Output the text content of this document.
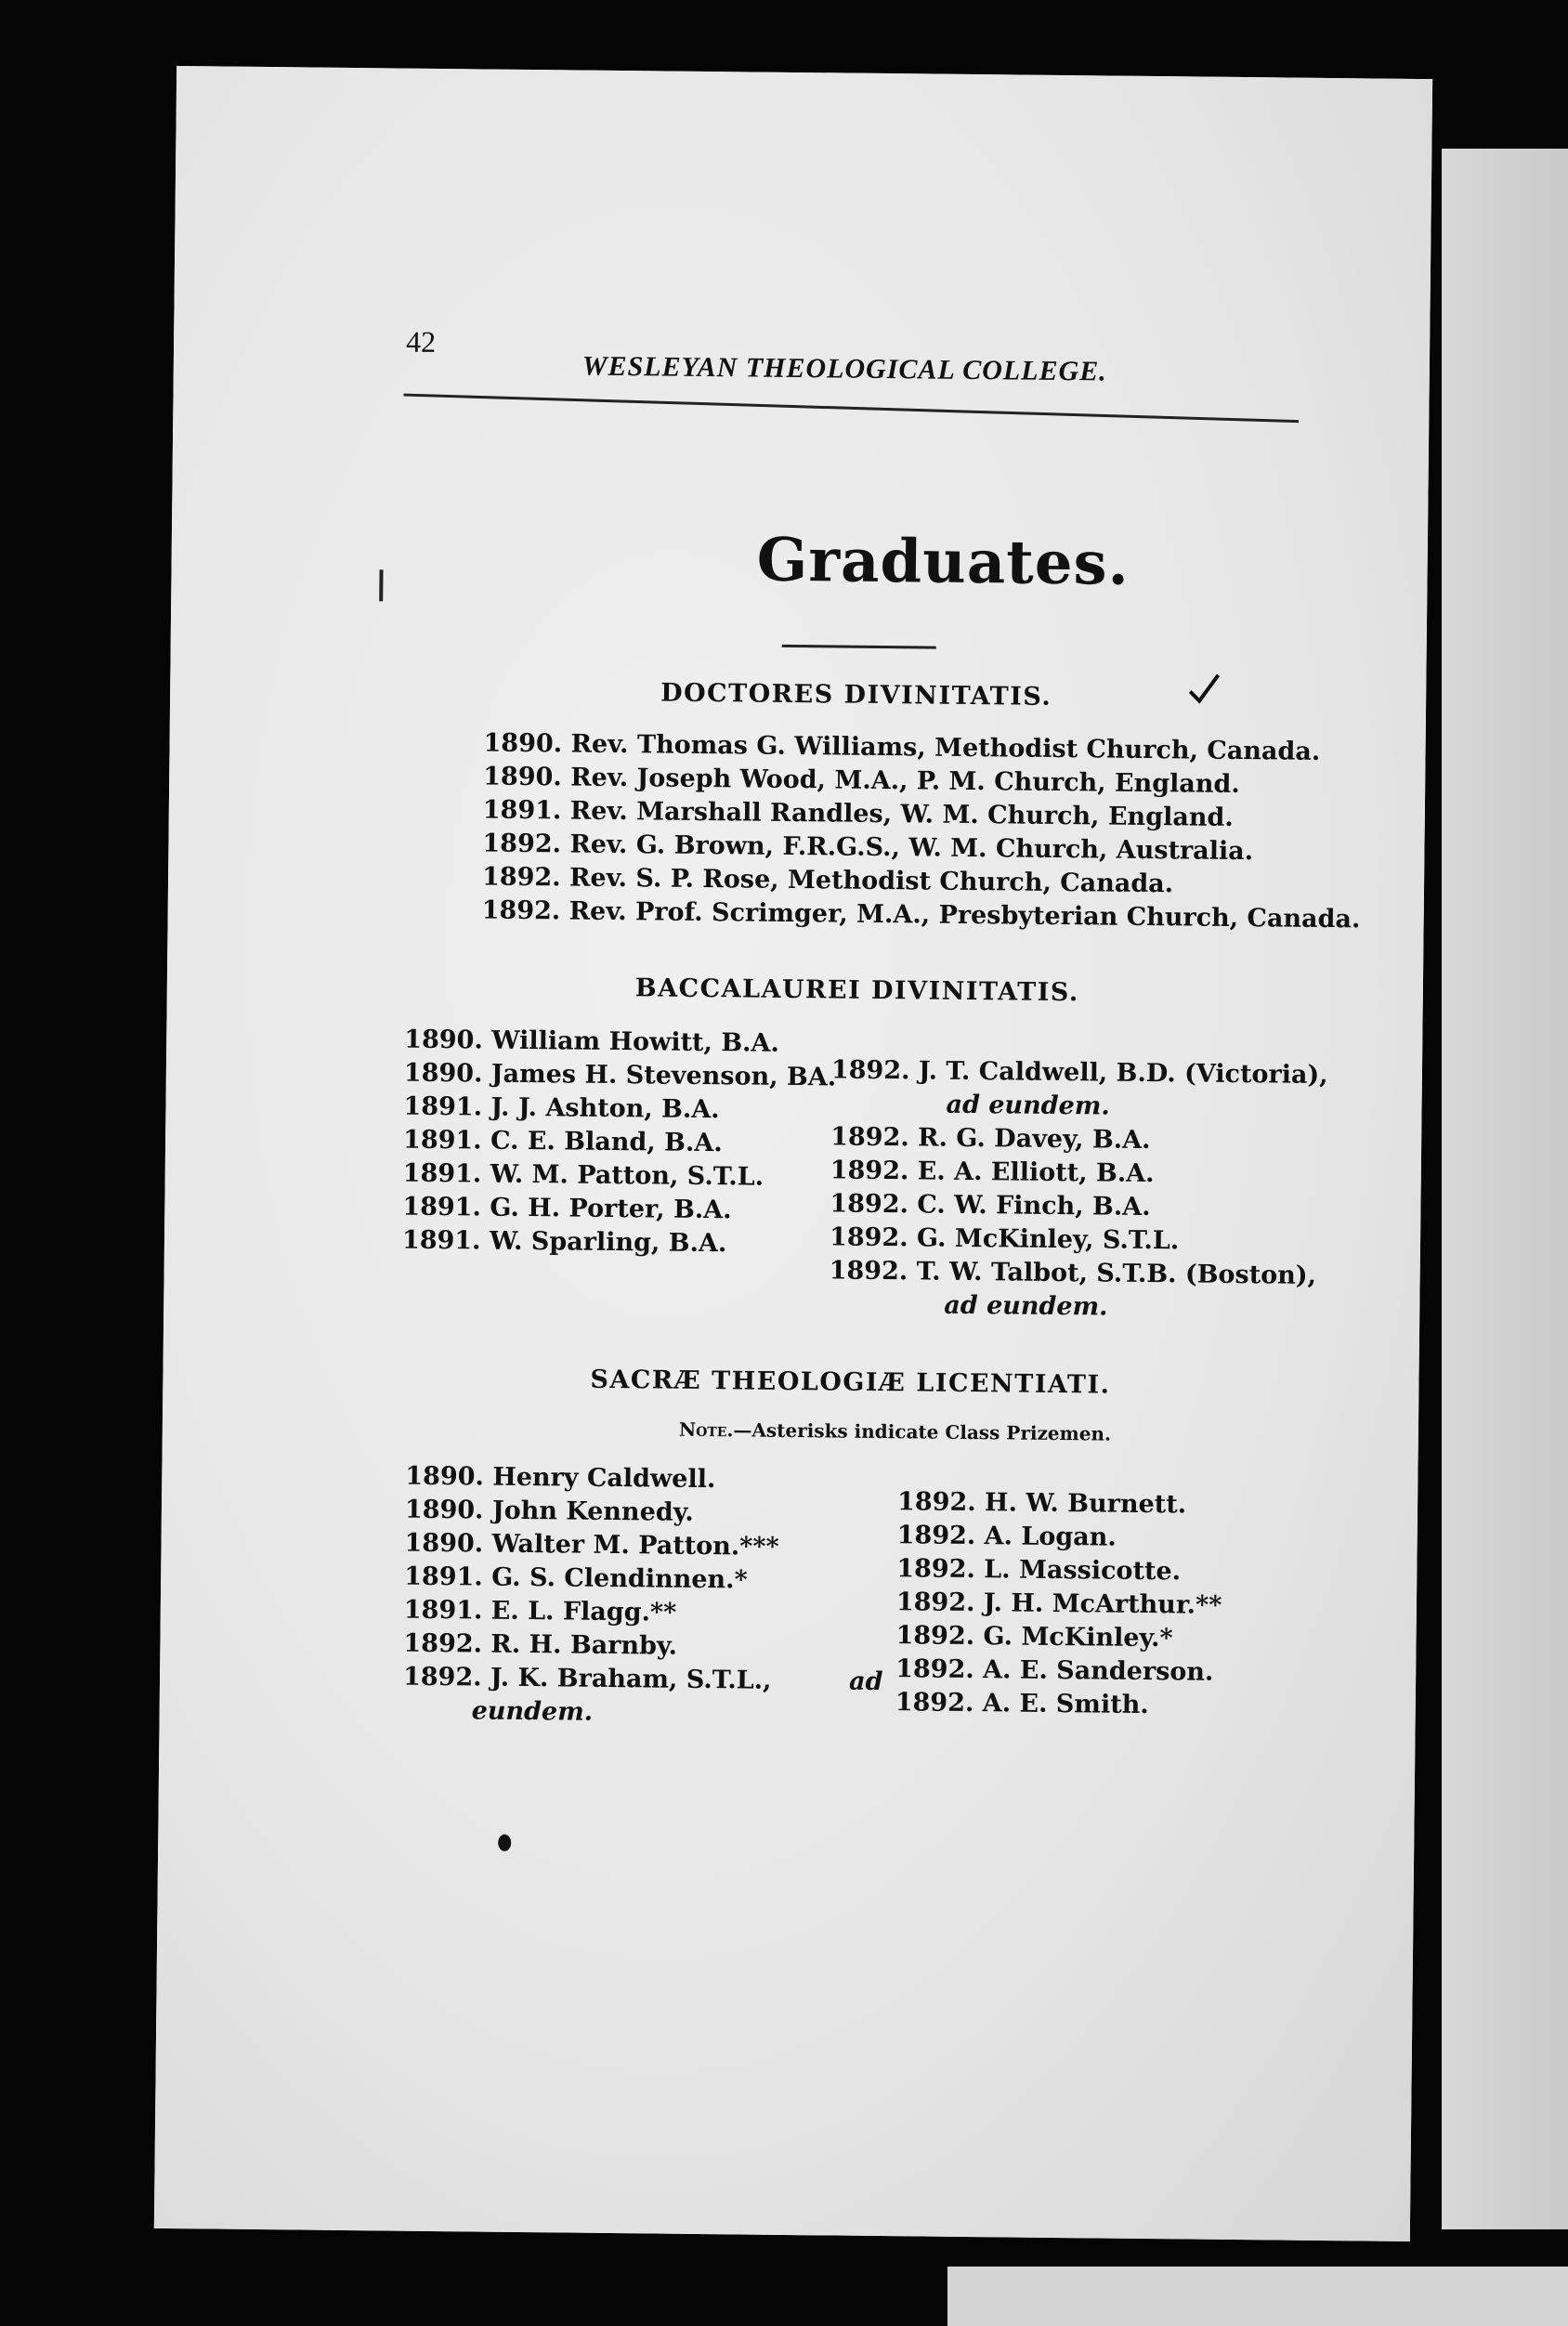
42
WESLEYAN THEOLOGICAL COLLEGE.
Graduates.
DOCTORES DIVINITATIS.
1890. Rev. Thomas G. Williams, Methodist Church, Canada.
1890. Rev. Joseph Wood, M.A., P. M. Church, England.
1891. Rev. Marshall Randles, W. M. Church, England.
1892. Rev. G. Brown, F.R.G.S., W. M. Church, Australia.
1892. Rev. S. P. Rose, Methodist Church, Canada.
1892. Rev. Prof. Scrimger, M.A., Presbyterian Church, Canada.
BACCALAUREI DIVINITATIS.
1890. William Howitt, B.A.
1890. James H. Stevenson, BA.
1891. J. J. Ashton, B.A.
1891. C. E. Bland, B.A.
1891. W. M. Patton, S.T.L.
1891. G. H. Porter, B.A.
1891. W. Sparling, B.A.
1892. J. T. Caldwell, B.D. (Victoria),
ad eundem.
1892. R. G. Davey, B.A.
1892. E. A. Elliott, B.A.
1892. C. W. Finch, B.A.
1892. G. McKinley, S.T.L.
1892. T. W. Talbot, S.T.B. (Boston),
ad eundem.
SACRÆ THEOLOGIÆ LICENTIATI.
Note.—Asterisks indicate Class Prizemen.
1890. Henry Caldwell.
1890. John Kennedy.
1890. Walter M. Patton.***
1891. G. S. Clendinnen.*
1891. E. L. Flagg.**
1892. R. H. Barnby.
1892. J. K. Braham, S.T.L.,	ad
eundem.
1892. H. W. Burnett.
1892. A. Logan.
1892. L. Massicotte.
1892. J. H. McArthur.**
1892. G. McKinley.*
1892. A. E. Sanderson.
1892. A. E. Smith.
